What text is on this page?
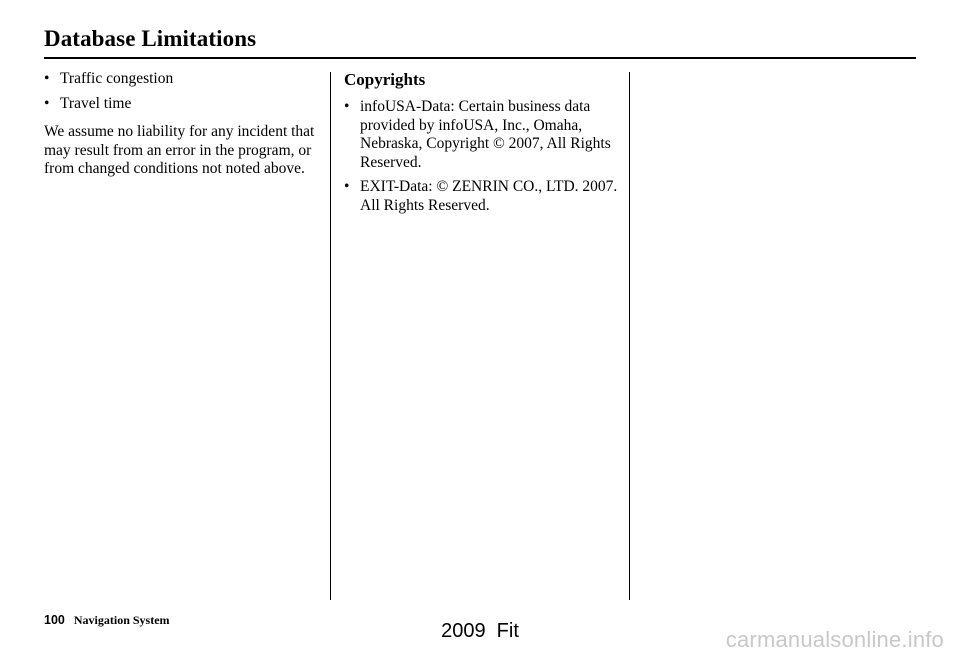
Database Limitations
• Traffic congestion
• Travel time

We assume no liability for any incident that may result from an error in the program, or from changed conditions not noted above.

Copyrights
• infoUSA-Data: Certain business data provided by infoUSA, Inc., Omaha, Nebraska, Copyright © 2007, All Rights Reserved.
• EXIT-Data: © ZENRIN CO., LTD. 2007. All Rights Reserved.
100 Navigation System	2009  Fit	carmanualsonline.info
